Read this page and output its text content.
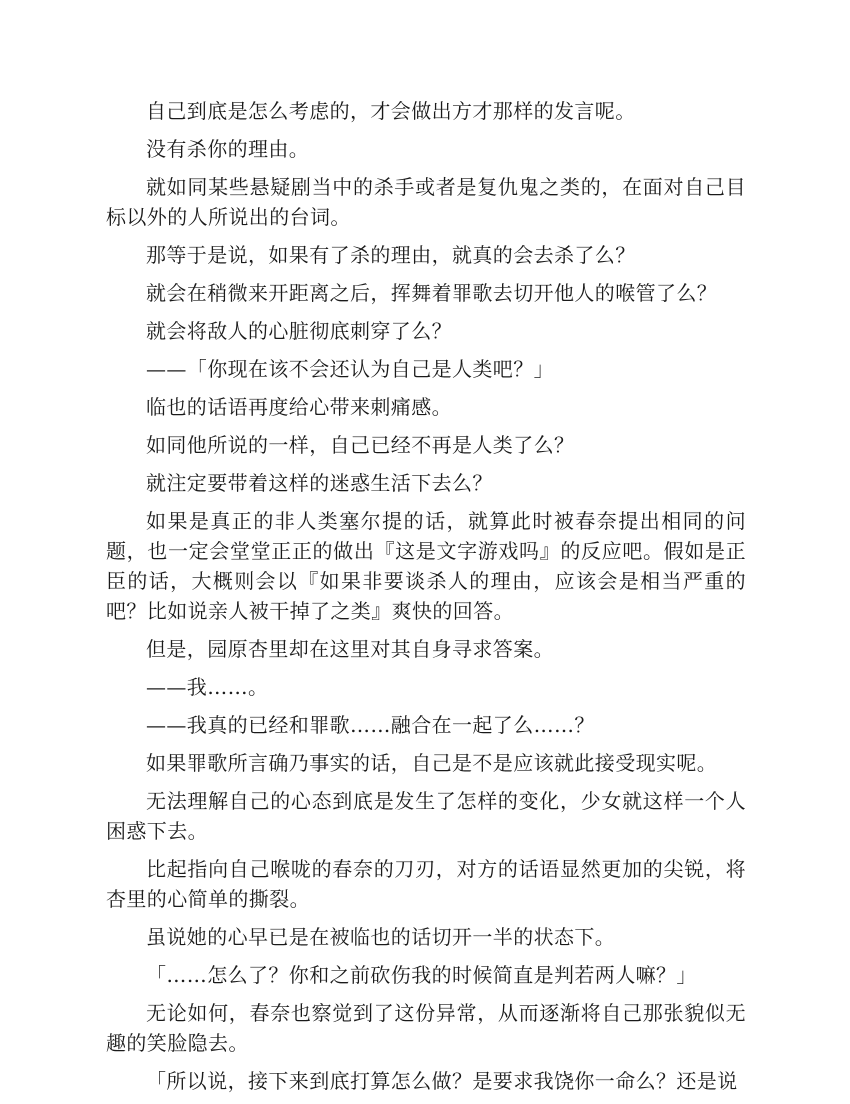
自己到底是怎么考虑的，才会做出方才那样的发言呢。

没有杀你的理由。

就如同某些悬疑剧当中的杀手或者是复仇鬼之类的，在面对自己目标以外的人所说出的台词。

那等于是说，如果有了杀的理由，就真的会去杀了么？

就会在稍微来开距离之后，挥舞着罪歌去切开他人的喉管了么？

就会将敌人的心脏彻底刺穿了么？

——「你现在该不会还认为自己是人类吧？」

临也的话语再度给心带来刺痛感。

如同他所说的一样，自己已经不再是人类了么？

就注定要带着这样的迷惑生活下去么？

如果是真正的非人类塞尔提的话，就算此时被春奈提出相同的问题，也一定会堂堂正正的做出『这是文字游戏吗』的反应吧。假如是正臣的话，大概则会以『如果非要谈杀人的理由，应该会是相当严重的吧？比如说亲人被干掉了之类』爽快的回答。

但是，园原杏里却在这里对其自身寻求答案。

——我……。

——我真的已经和罪歌……融合在一起了么……？

如果罪歌所言确乃事实的话，自己是不是应该就此接受现实呢。

无法理解自己的心态到底是发生了怎样的变化，少女就这样一个人困惑下去。

比起指向自己喉咙的春奈的刀刃，对方的话语显然更加的尖锐，将杏里的心简单的撕裂。

虽说她的心早已是在被临也的话切开一半的状态下。

「……怎么了？你和之前砍伤我的时候简直是判若两人嘛？」

无论如何，春奈也察觉到了这份异常，从而逐渐将自己那张貌似无趣的笑脸隐去。

「所以说，接下来到底打算怎么做？是要求我饶你一命么？还是说
